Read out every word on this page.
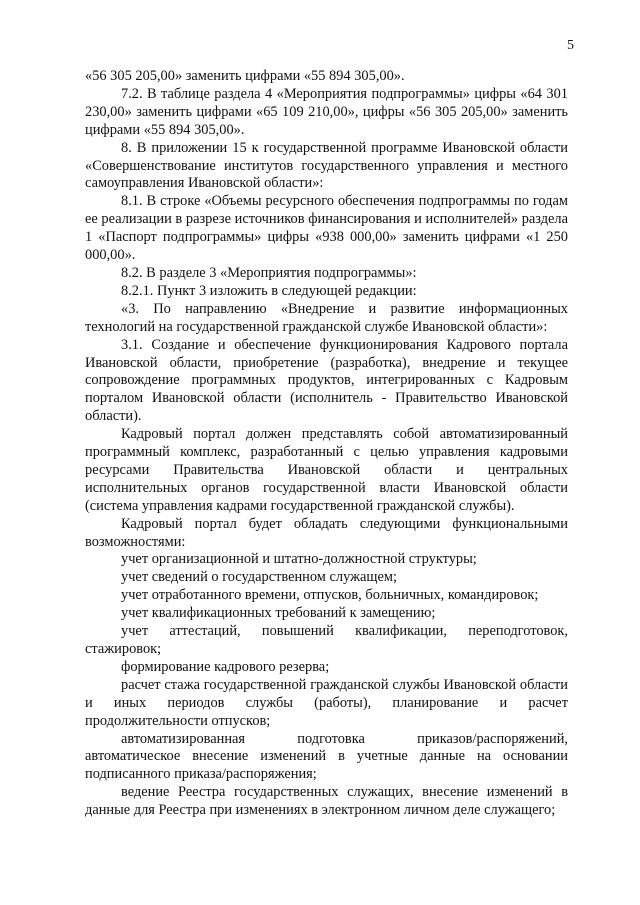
5

«56 305 205,00» заменить цифрами «55 894 305,00».

7.2. В таблице раздела 4 «Мероприятия подпрограммы» цифры «64 301 230,00» заменить цифрами «65 109 210,00», цифры «56 305 205,00» заменить цифрами «55 894 305,00».

8. В приложении 15 к государственной программе Ивановской области «Совершенствование институтов государственного управления и местного самоуправления Ивановской области»:

8.1. В строке «Объемы ресурсного обеспечения подпрограммы по годам ее реализации в разрезе источников финансирования и исполнителей» раздела 1 «Паспорт подпрограммы» цифры «938 000,00» заменить цифрами «1 250 000,00».

8.2. В разделе 3 «Мероприятия подпрограммы»:

8.2.1. Пункт 3 изложить в следующей редакции:

«3. По направлению «Внедрение и развитие информационных технологий на государственной гражданской службе Ивановской области»:

3.1. Создание и обеспечение функционирования Кадрового портала Ивановской области, приобретение (разработка), внедрение и текущее сопровождение программных продуктов, интегрированных с Кадровым порталом Ивановской области (исполнитель - Правительство Ивановской области).

Кадровый портал должен представлять собой автоматизированный программный комплекс, разработанный с целью управления кадровыми ресурсами Правительства Ивановской области и центральных исполнительных органов государственной власти Ивановской области (система управления кадрами государственной гражданской службы).

Кадровый портал будет обладать следующими функциональными возможностями:

учет организационной и штатно-должностной структуры;

учет сведений о государственном служащем;

учет отработанного времени, отпусков, больничных, командировок;

учет квалификационных требований к замещению;

учет аттестаций, повышений квалификации, переподготовок, стажировок;

формирование кадрового резерва;

расчет стажа государственной гражданской службы Ивановской области и иных периодов службы (работы), планирование и расчет продолжительности отпусков;

автоматизированная подготовка приказов/распоряжений, автоматическое внесение изменений в учетные данные на основании подписанного приказа/распоряжения;

ведение Реестра государственных служащих, внесение изменений в данные для Реестра при изменениях в электронном личном деле служащего;
